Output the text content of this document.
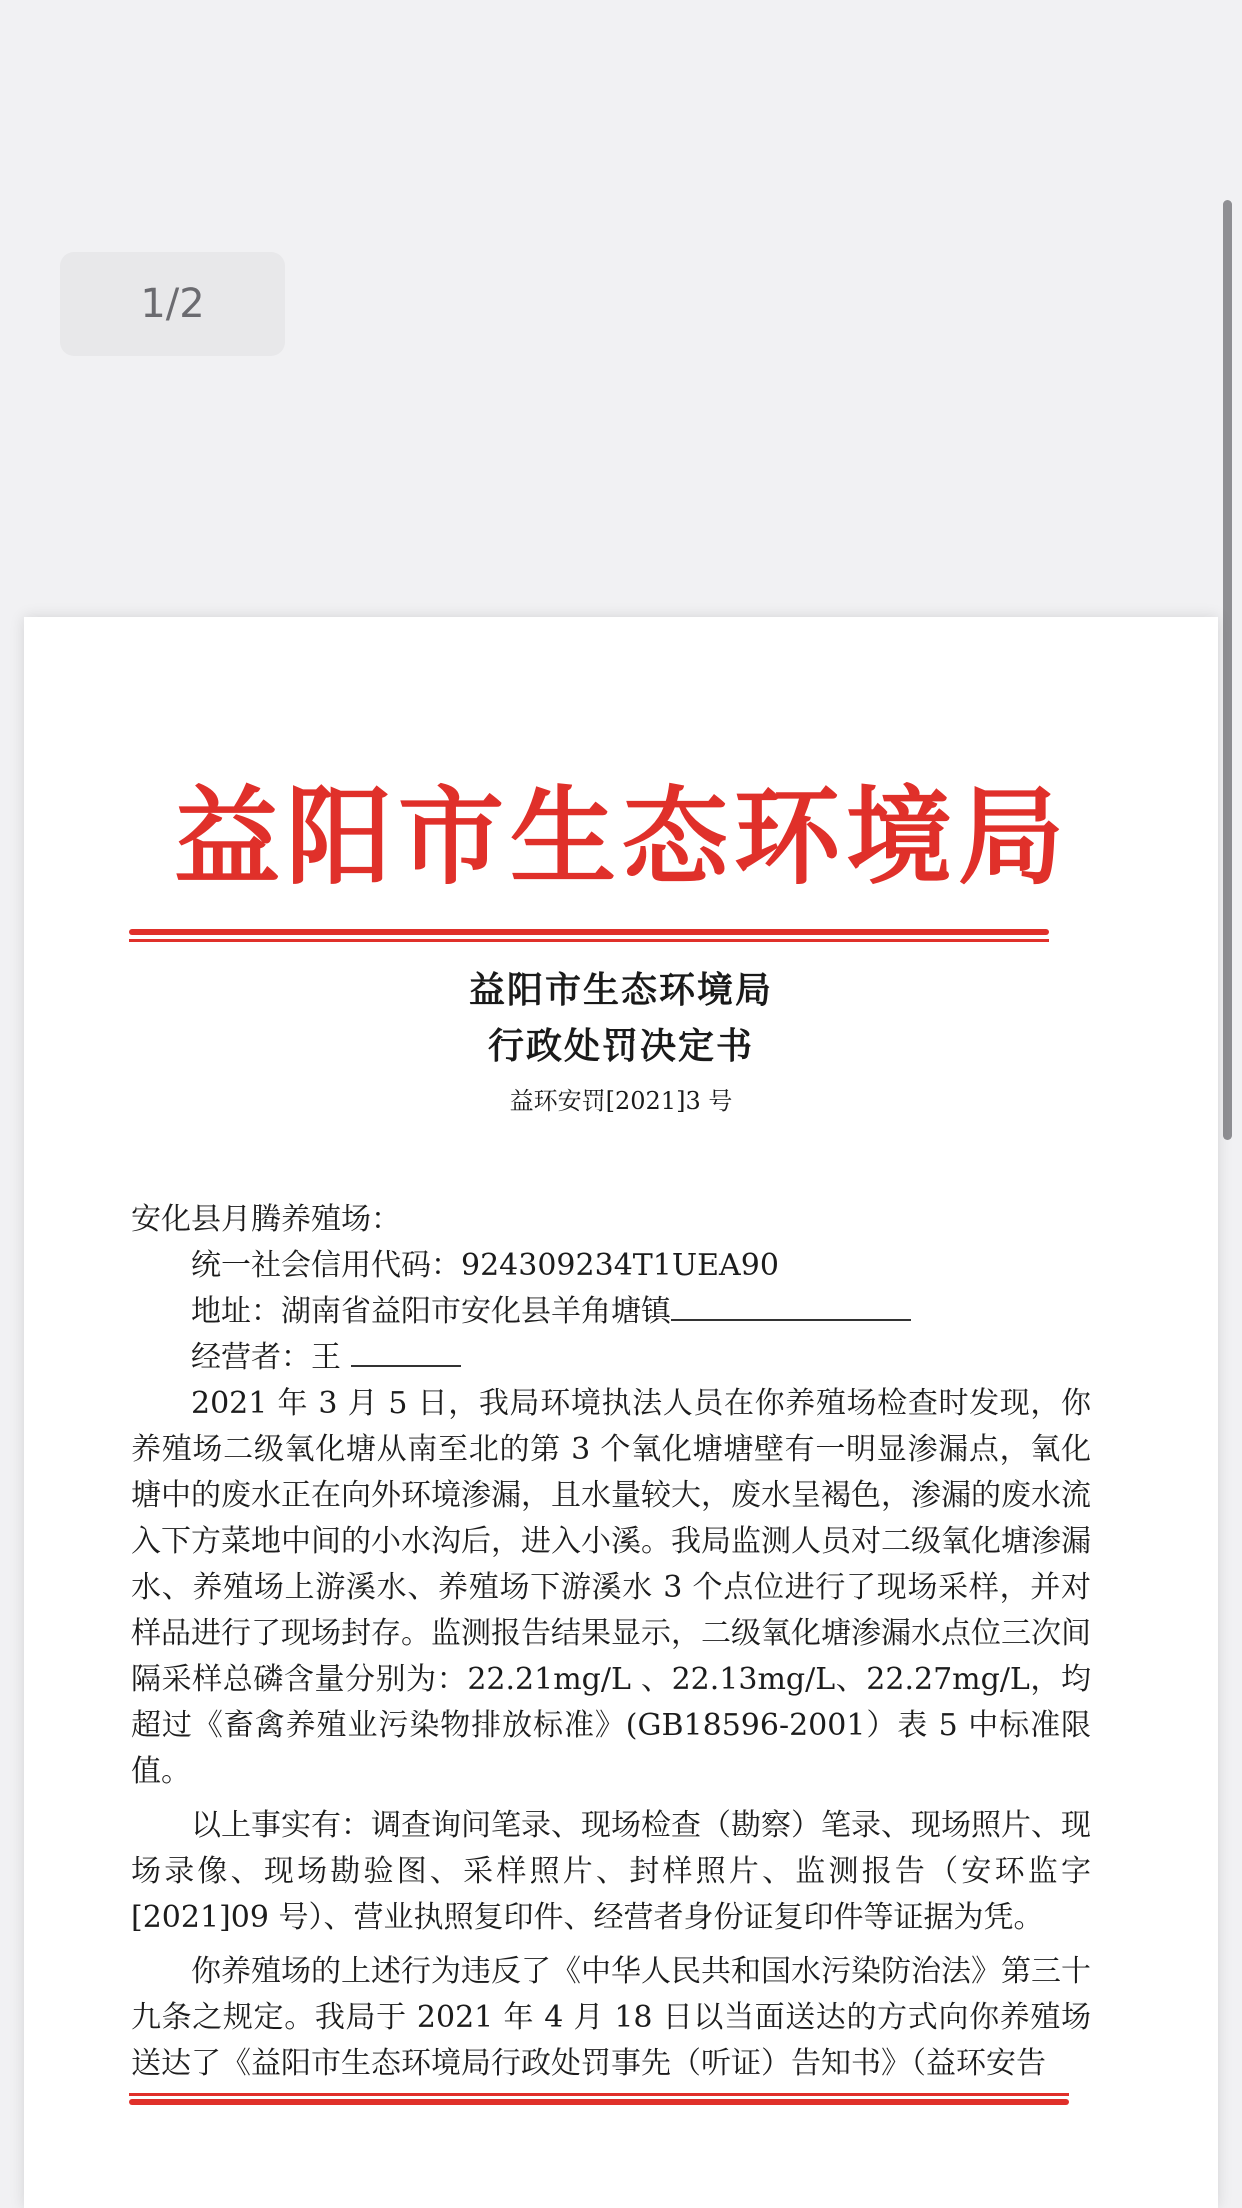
1/2
益阳市生态环境局
益阳市生态环境局
行政处罚决定书
益环安罚[2021]3 号

安化县月腾养殖场：

统一社会信用代码：924309234T1UEA90

地址：湖南省益阳市安化县羊角塘镇

经营者：王

2021 年 3 月 5 日，我局环境执法人员在你养殖场检查时发现，你养殖场二级氧化塘从南至北的第 3 个氧化塘塘壁有一明显渗漏点，氧化塘中的废水正在向外环境渗漏，且水量较大，废水呈褐色，渗漏的废水流入下方菜地中间的小水沟后，进入小溪。我局监测人员对二级氧化塘渗漏水、养殖场上游溪水、养殖场下游溪水 3 个点位进行了现场采样，并对样品进行了现场封存。监测报告结果显示，二级氧化塘渗漏水点位三次间隔采样总磷含量分别为：22.21mg/L 、22.13mg/L、22.27mg/L，均超过《畜禽养殖业污染物排放标准》(GB18596-2001）表 5 中标准限值。

以上事实有：调查询问笔录、现场检查（勘察）笔录、现场照片、现场录像、现场勘验图、采样照片、封样照片、监测报告（安环监字[2021]09 号）、营业执照复印件、经营者身份证复印件等证据为凭。

你养殖场的上述行为违反了《中华人民共和国水污染防治法》第三十九条之规定。我局于 2021 年 4 月 18 日以当面送达的方式向你养殖场送达了《益阳市生态环境局行政处罚事先（听证）告知书》（益环安告
